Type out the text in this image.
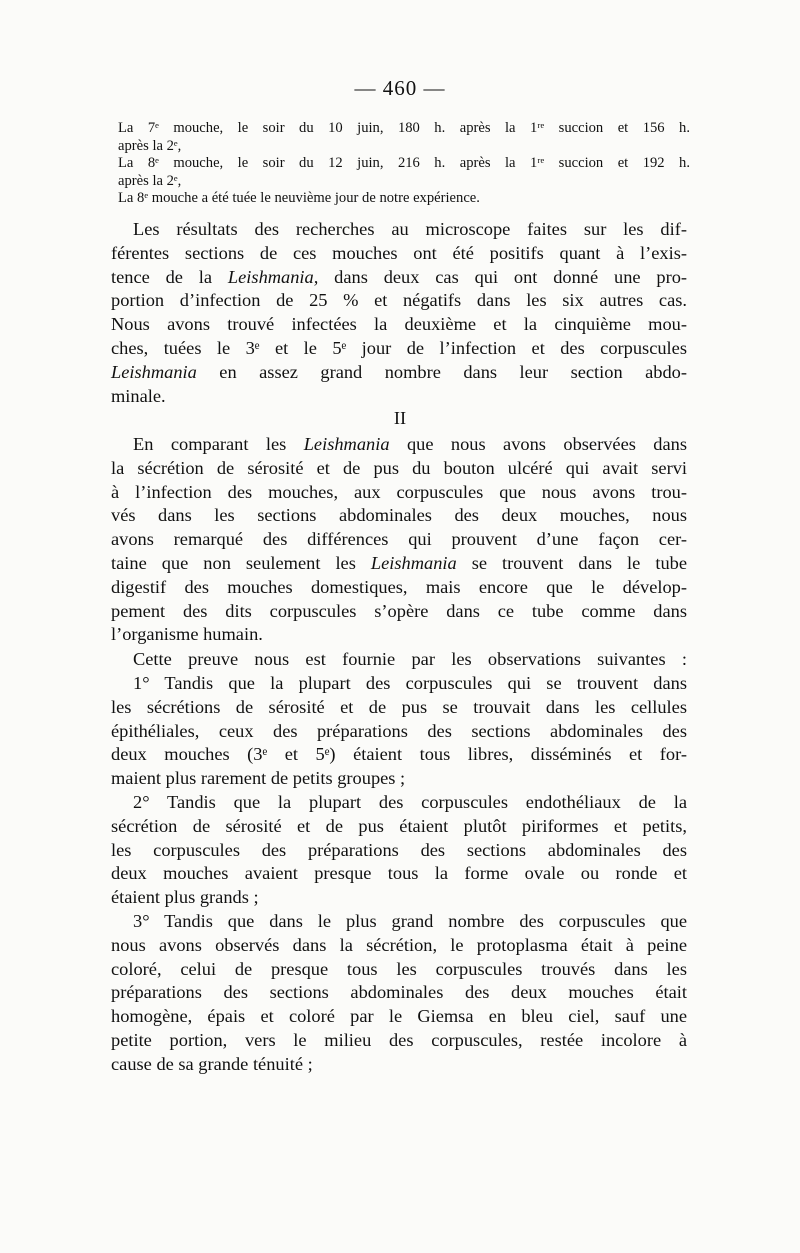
— 460 —
La 7ᵉ mouche, le soir du 10 juin, 180 h. après la 1ʳᵉ succion et 156 h.
après la 2ᵉ,
La 8ᵉ mouche, le soir du 12 juin, 216 h. après la 1ʳᵉ succion et 192 h.
après la 2ᵉ,
La 8ᵉ mouche a été tuée le neuvième jour de notre expérience.
Les résultats des recherches au microscope faites sur les dif-
férentes sections de ces mouches ont été positifs quant à l’exis-
tence de la Leishmania, dans deux cas qui ont donné une pro-
portion d’infection de 25 % et négatifs dans les six autres cas.
Nous avons trouvé infectées la deuxième et la cinquième mou-
ches, tuées le 3ᵉ et le 5ᵉ jour de l’infection et des corpuscules
Leishmania en assez grand nombre dans leur section abdo-
minale.
II
En comparant les Leishmania que nous avons observées dans
la sécrétion de sérosité et de pus du bouton ulcéré qui avait servi
à l’infection des mouches, aux corpuscules que nous avons trou-
vés dans les sections abdominales des deux mouches, nous
avons remarqué des différences qui prouvent d’une façon cer-
taine que non seulement les Leishmania se trouvent dans le tube
digestif des mouches domestiques, mais encore que le dévelop-
pement des dits corpuscules s’opère dans ce tube comme dans
l’organisme humain.
Cette preuve nous est fournie par les observations suivantes :
1° Tandis que la plupart des corpuscules qui se trouvent dans
les sécrétions de sérosité et de pus se trouvait dans les cellules
épithéliales, ceux des préparations des sections abdominales des
deux mouches (3ᵉ et 5ᵉ) étaient tous libres, disséminés et for-
maient plus rarement de petits groupes ;
2° Tandis que la plupart des corpuscules endothéliaux de la
sécrétion de sérosité et de pus étaient plutôt piriformes et petits,
les corpuscules des préparations des sections abdominales des
deux mouches avaient presque tous la forme ovale ou ronde et
étaient plus grands ;
3° Tandis que dans le plus grand nombre des corpuscules que
nous avons observés dans la sécrétion, le protoplasma était à peine
coloré, celui de presque tous les corpuscules trouvés dans les
préparations des sections abdominales des deux mouches était
homogène, épais et coloré par le Giemsa en bleu ciel, sauf une
petite portion, vers le milieu des corpuscules, restée incolore à
cause de sa grande ténuité ;
